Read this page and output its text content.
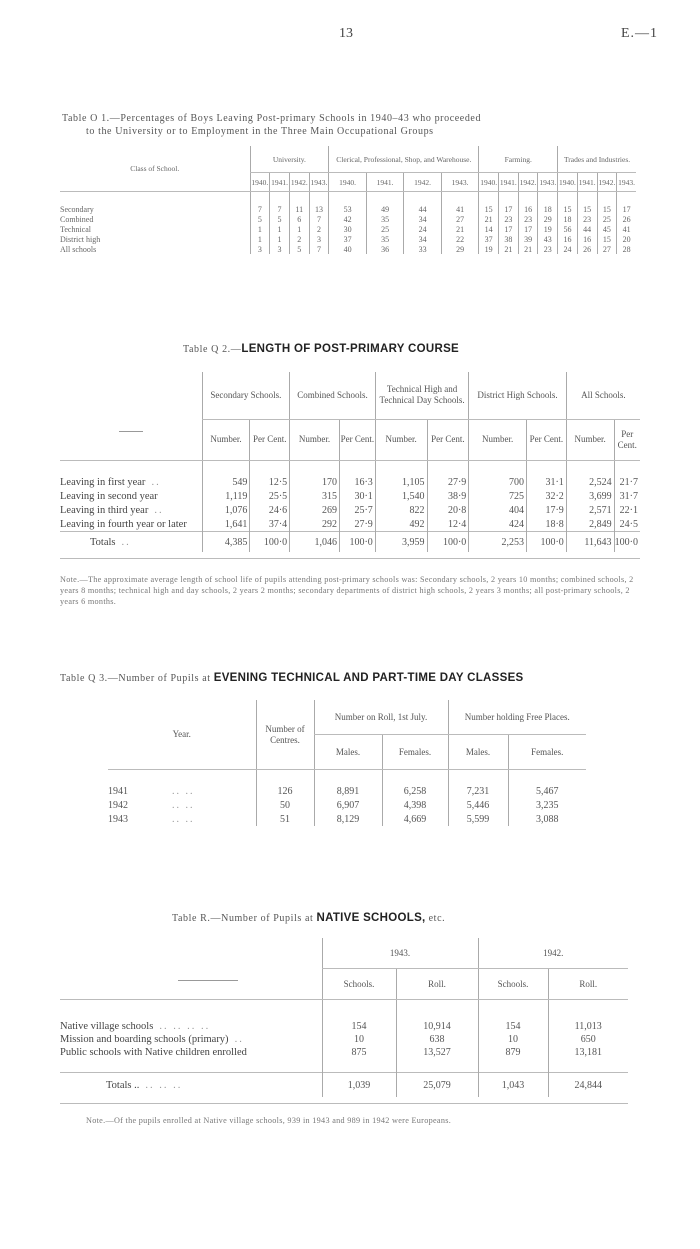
13	E.—1
Table O 1.—Percentages of Boys Leaving Post-primary Schools in 1940–43 who proceeded
to the University or to Employment in the Three Main Occupational Groups
Class of School.	University.				Clerical, Professional, Shop, and Warehouse.				Farming.				Trades and Industries.			
	1940.	1941.	1942.	1943.	1940.	1941.	1942.	1943.	1940.	1941.	1942.	1943.	1940.	1941.	1942.	1943.

Secondary	7	7	11	13	53	49	44	41	15	17	16	18	15	15	15	17
Combined	5	5	6	7	42	35	34	27	21	23	23	29	18	23	25	26
Technical	1	1	1	2	30	25	24	21	14	17	17	19	56	44	45	41
District high	1	1	2	3	37	35	34	22	37	38	39	43	16	16	15	20
All schools	3	3	5	7	40	36	33	29	19	21	21	23	24	26	27	28
Table Q 2.—LENGTH OF POST-PRIMARY COURSE
	Secondary Schools.		Combined Schools.		Technical High and Technical Day Schools.		District High Schools.		All Schools.	
	Number.	Per Cent.	Number.	Per Cent.	Number.	Per Cent.	Number.	Per Cent.	Number.	Per Cent.

Leaving in first year ..	549	12·5	170	16·3	1,105	27·9	700	31·1	2,524	21·7
Leaving in second year	1,119	25·5	315	30·1	1,540	38·9	725	32·2	3,699	31·7
Leaving in third year ..	1,076	24·6	269	25·7	822	20·8	404	17·9	2,571	22·1
Leaving in fourth year or later	1,641	37·4	292	27·9	492	12·4	424	18·8	2,849	24·5
Totals ..	4,385	100·0	1,046	100·0	3,959	100·0	2,253	100·0	11,643	100·0

Note.—The approximate average length of school life of pupils attending post-primary schools was: Secondary schools, 2 years 10 months; combined schools, 2 years 8 months; technical high and day schools, 2 years 2 months; secondary departments of district high schools, 2 years 3 months; all post-primary schools, 2 years 6 months.
Table Q 3.—Number of Pupils at EVENING TECHNICAL AND PART-TIME DAY CLASSES
Year.	Number of Centres.	Number on Roll, 1st July.		Number holding Free Places.	
		Males.	Females.	Males.	Females.

1941 .. ..	126	8,891	6,258	7,231	5,467
1942 .. ..	50	6,907	4,398	5,446	3,235
1943 .. ..	51	8,129	4,669	5,599	3,088
Table R.—Number of Pupils at NATIVE SCHOOLS, etc.
	1943.		1942.	
	Schools.	Roll.	Schools.	Roll.

Native village schools .. .. .. ..	154	10,914	154	11,013
Mission and boarding schools (primary) ..	10	638	10	650
Public schools with Native children enrolled	875	13,527	879	13,181

Totals .. .. .. ..	1,039	25,079	1,043	24,844

Note.—Of the pupils enrolled at Native village schools, 939 in 1943 and 989 in 1942 were Europeans.
